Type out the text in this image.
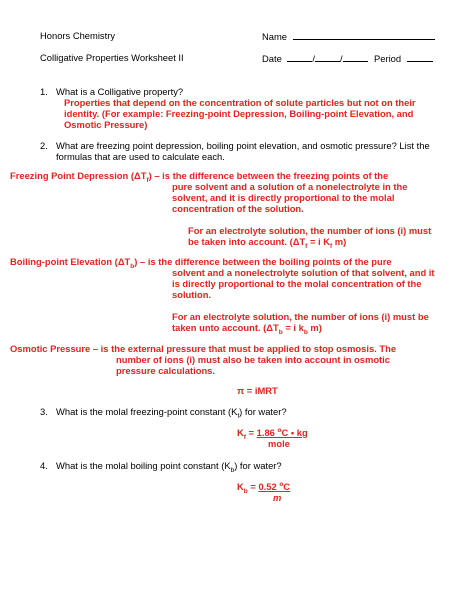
Honors Chemistry	Name
Colligative Properties Worksheet II	Date	/	/	Period
1. What is a Colligative property?
Properties that depend on the concentration of solute particles but not on their
identity. (For example: Freezing-point Depression, Boiling-point Elevation, and
Osmotic Pressure)
2. What are freezing point depression, boiling point elevation, and osmotic pressure? List the
formulas that are used to calculate each.
Freezing Point Depression $(\Delta T_f)$ – is the difference between the freezing points of the
pure solvent and a solution of a nonelectrolyte in the
solvent, and it is directly proportional to the molal
concentration of the solution.
For an electrolyte solution, the number of ions (i) must
be taken into account. ($\Delta T_f = i$ $K_f$ m)
Boiling-point Elevation $(\Delta T_b)$ – is the difference between the boiling points of the pure
solvent and a nonelectrolyte solution of that solvent, and it
is directly proportional to the molal concentration of the
solution.
For an electrolyte solution, the number of ions (i) must be
taken unto account. ($\Delta T_b = i$ $k_b$ m)
Osmotic Pressure – is the external pressure that must be applied to stop osmosis. The
number of ions (i) must also be taken into account in osmotic
pressure calculations.
π = iMRT
3. What is the molal freezing-point constant $(K_f)$ for water?
$K_f = 1.86$ $^o$C • kg
mole
4. What is the molal boiling point constant $(K_b)$ for water?
$K_b = 0.52$ $^o$C
m
